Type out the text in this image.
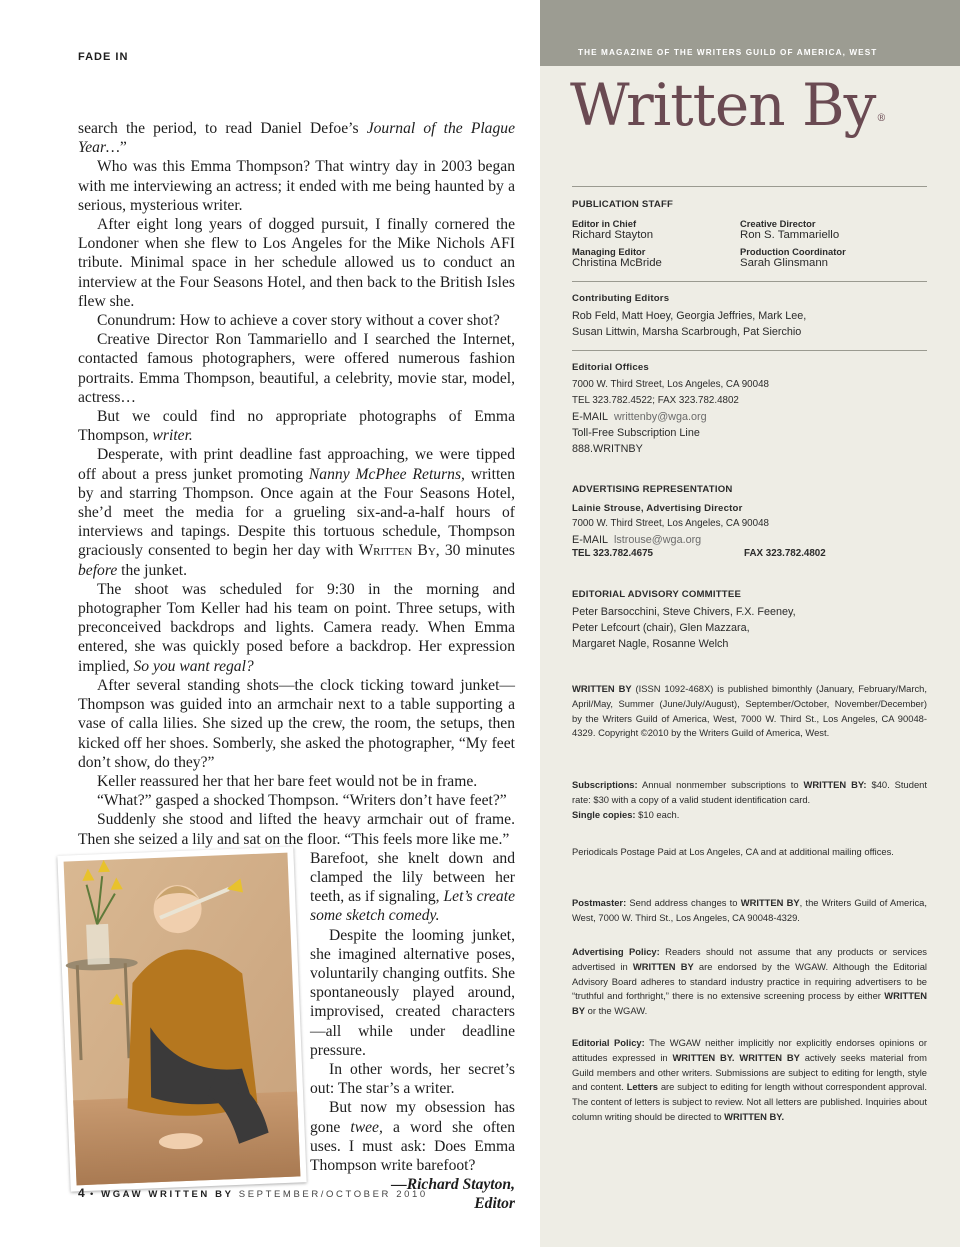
FADE IN

search the period, to read Daniel Defoe’s Journal of the Plague Year…”

Who was this Emma Thompson? That wintry day in 2003 began with me interviewing an actress; it ended with me being haunted by a serious, mysterious writer.

After eight long years of dogged pursuit, I finally cornered the Londoner when she flew to Los Angeles for the Mike Nichols AFI tribute. Minimal space in her schedule allowed us to conduct an interview at the Four Seasons Hotel, and then back to the British Isles flew she.

Conundrum: How to achieve a cover story without a cover shot?

Creative Director Ron Tammariello and I searched the Internet, contacted famous photographers, were offered numerous fashion portraits. Emma Thompson, beautiful, a celebrity, movie star, model, actress…

But we could find no appropriate photographs of Emma Thompson, writer.

Desperate, with print deadline fast approaching, we were tipped off about a press junket promoting Nanny McPhee Returns, written by and starring Thompson. Once again at the Four Seasons Hotel, she’d meet the media for a grueling six-and-a-half hours of interviews and tapings. Despite this tortuous schedule, Thompson graciously consented to begin her day with Written By, 30 minutes before the junket.

The shoot was scheduled for 9:30 in the morning and photographer Tom Keller had his team on point. Three setups, with preconceived backdrops and lights. Camera ready. When Emma entered, she was quickly posed before a backdrop. Her expression implied, So you want regal?

After several standing shots—the clock ticking toward junket—Thompson was guided into an armchair next to a table supporting a vase of calla lilies. She sized up the crew, the room, the setups, then kicked off her shoes. Somberly, she asked the photographer, “My feet don’t show, do they?”

Keller reassured her that her bare feet would not be in frame.

“What?” gasped a shocked Thompson. “Writers don’t have feet?”

Suddenly she stood and lifted the heavy armchair out of frame. Then she seized a lily and sat on the floor. “This feels more like me.”

Barefoot, she knelt down and clamped the lily between her teeth, as if signaling, Let’s create some sketch comedy.

Despite the looming junket, she imagined alternative poses, voluntarily changing outfits. She spontaneously played around, improvised, created characters—all while under deadline pressure.

In other words, her secret’s out: The star’s a writer.

But now my obsession has gone twee, a word she often uses. I must ask: Does Emma Thompson write barefoot?

—Richard Stayton,
Editor

4 • WGAW WRITTEN BY SEPTEMBER/OCTOBER 2010
THE MAGAZINE OF THE WRITERS GUILD OF AMERICA, WEST
Written By®
PUBLICATION STAFF
Editor in Chief
Richard Stayton
Creative Director
Ron S. Tammariello
Managing Editor
Christina McBride
Production Coordinator
Sarah Glinsmann
Contributing Editors
Rob Feld, Matt Hoey, Georgia Jeffries, Mark Lee,
Susan Littwin, Marsha Scarbrough, Pat Sierchio
Editorial Offices
7000 W. Third Street, Los Angeles, CA 90048
TEL 323.782.4522; FAX 323.782.4802
E-MAIL writtenby@wga.org
Toll-Free Subscription Line
888.WRITNBY
ADVERTISING REPRESENTATION
Lainie Strouse, Advertising Director
7000 W. Third Street, Los Angeles, CA 90048
E-MAIL lstrouse@wga.org
TEL 323.782.4675	FAX 323.782.4802
EDITORIAL ADVISORY COMMITTEE
Peter Barsocchini, Steve Chivers, F.X. Feeney,
Peter Lefcourt (chair), Glen Mazzara,
Margaret Nagle, Rosanne Welch

WRITTEN BY (ISSN 1092-468X) is published bimonthly (January, February/March, April/May, Summer (June/July/August), September/October, November/December) by the Writers Guild of America, West, 7000 W. Third St., Los Angeles, CA 90048-4329. Copyright ©2010 by the Writers Guild of America, West.

Subscriptions: Annual nonmember subscriptions to WRITTEN BY: $40. Student rate: $30 with a copy of a valid student identification card.

Single copies: $10 each.

Periodicals Postage Paid at Los Angeles, CA and at additional mailing offices.

Postmaster: Send address changes to WRITTEN BY, the Writers Guild of America, West, 7000 W. Third St., Los Angeles, CA 90048-4329.

Advertising Policy: Readers should not assume that any products or services advertised in WRITTEN BY are endorsed by the WGAW. Although the Editorial Advisory Board adheres to standard industry practice in requiring advertisers to be “truthful and forthright,” there is no extensive screening process by either WRITTEN BY or the WGAW.

Editorial Policy: The WGAW neither implicitly nor explicitly endorses opinions or attitudes expressed in WRITTEN BY. WRITTEN BY actively seeks material from Guild members and other writers. Submissions are subject to editing for length, style and content. Letters are subject to editing for length without correspondent approval. The content of letters is subject to review. Not all letters are published. Inquiries about column writing should be directed to WRITTEN BY.
